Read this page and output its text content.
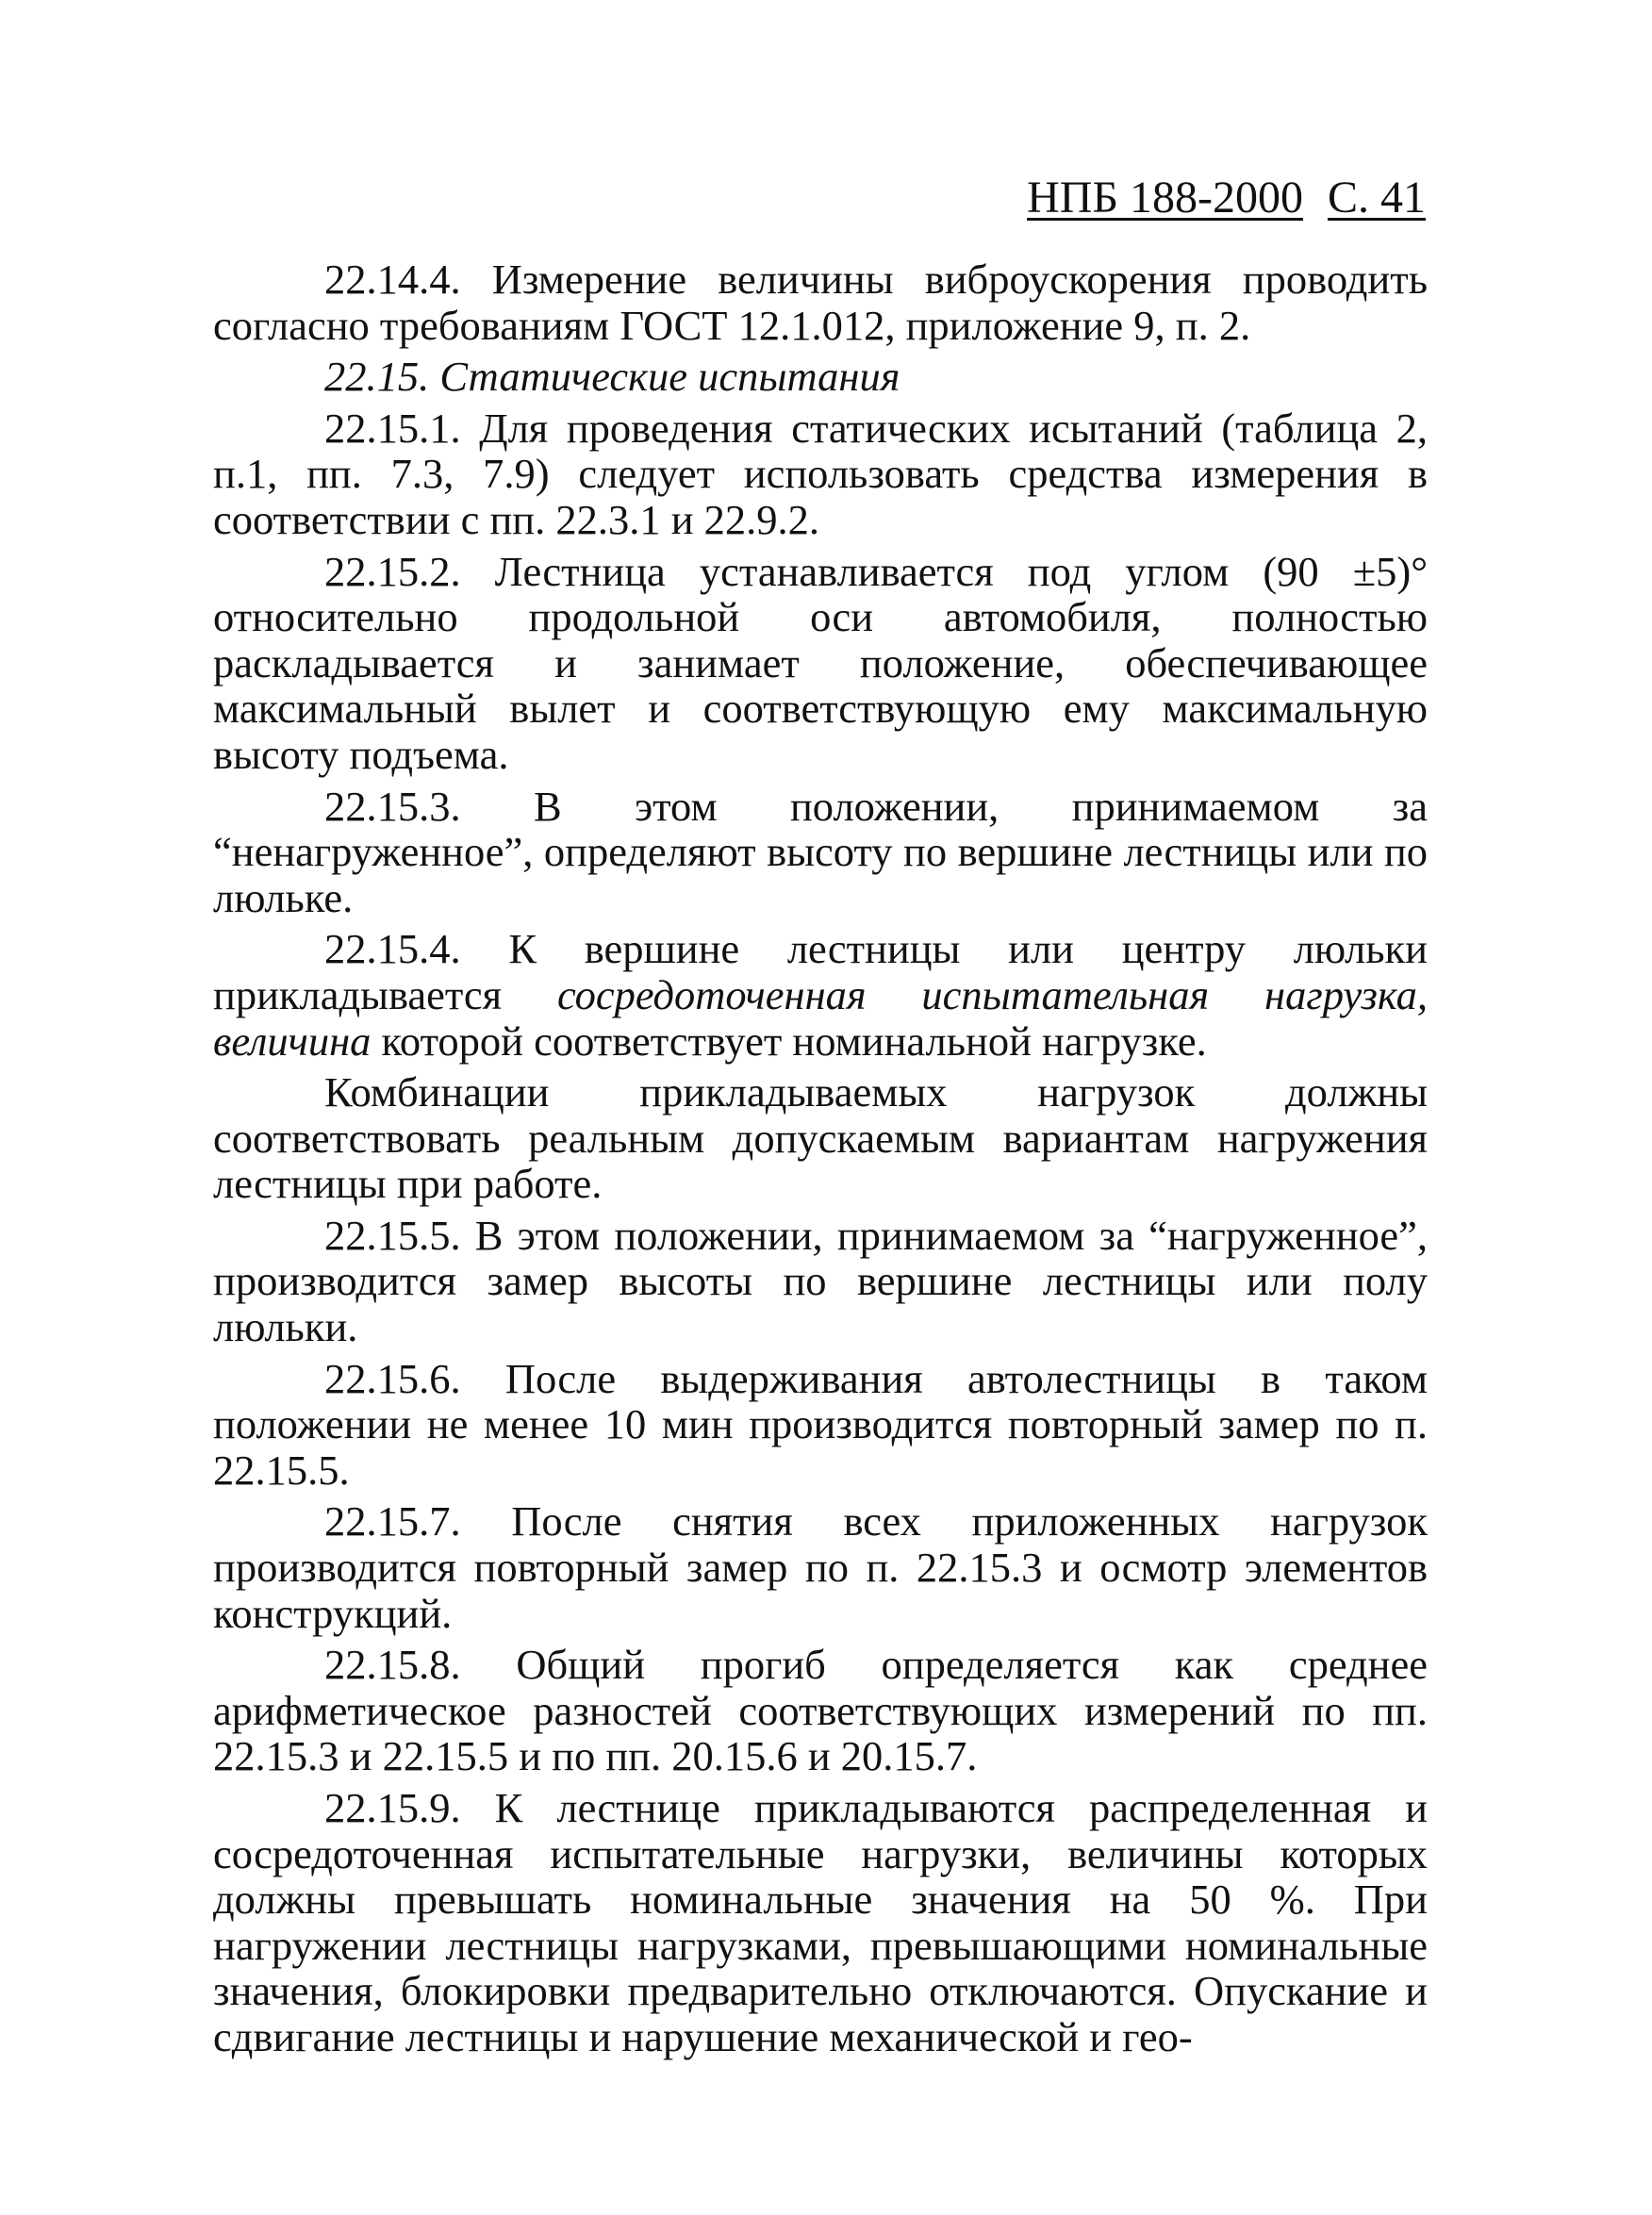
НПБ 188-2000 С. 41

22.14.4. Измерение величины виброускорения проводить согласно требованиям ГОСТ 12.1.012, приложение 9, п. 2.

22.15. Статические испытания

22.15.1. Для проведения статических исытаний (таблица 2, п.1, пп. 7.3, 7.9) следует использовать средства измерения в соответствии с пп. 22.3.1 и 22.9.2.

22.15.2. Лестница устанавливается под углом (90 ±5)° относительно продольной оси автомобиля, полностью раскладывается и занимает положение, обеспечивающее максимальный вылет и соответствующую ему максимальную высоту подъема.

22.15.3. В этом положении, принимаемом за “ненагруженное”, определяют высоту по вершине лестницы или по люльке.

22.15.4. К вершине лестницы или центру люльки прикладывается сосредоточенная испытательная нагрузка, величина которой соответствует номинальной нагрузке.

Комбинации прикладываемых нагрузок должны соответствовать реальным допускаемым вариантам нагружения лестницы при работе.

22.15.5. В этом положении, принимаемом за “нагруженное”, производится замер высоты по вершине лестницы или полу люльки.

22.15.6. После выдерживания автолестницы в таком положении не менее 10 мин производится повторный замер по п. 22.15.5.

22.15.7. После снятия всех приложенных нагрузок производится повторный замер по п. 22.15.3 и осмотр элементов конструкций.

22.15.8. Общий прогиб определяется как среднее арифметическое разностей соответствующих измерений по пп. 22.15.3 и 22.15.5 и по пп. 20.15.6 и 20.15.7.

22.15.9. К лестнице прикладываются распределенная и сосредоточенная испытательные нагрузки, величины которых должны превышать номинальные значения на 50 %. При нагружении лестницы нагрузками, превышающими номинальные значения, блокировки предварительно отключаются. Опускание и сдвигание лестницы и нарушение механической и гео-
